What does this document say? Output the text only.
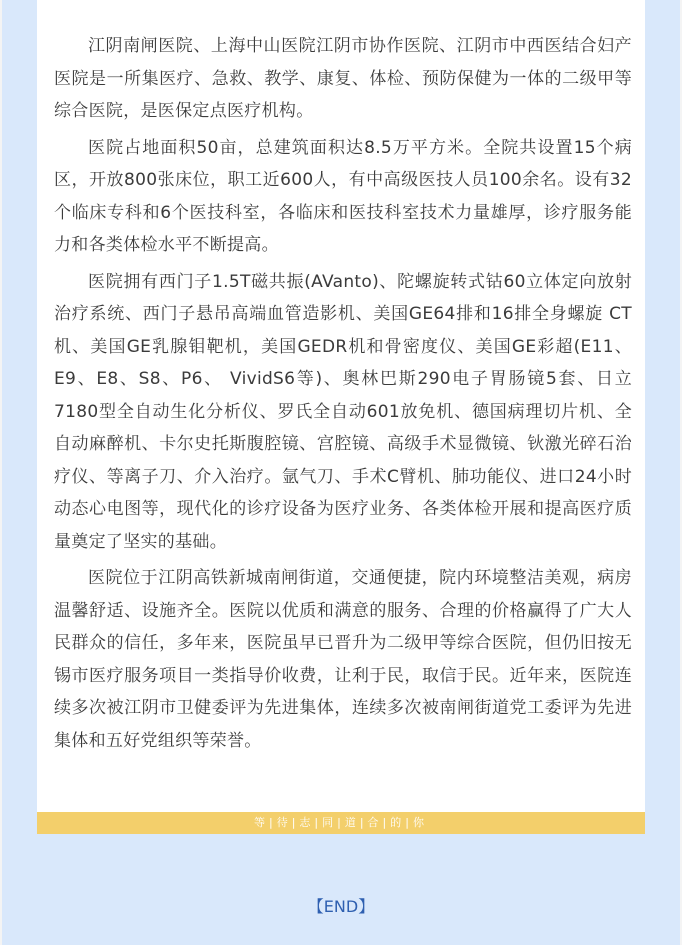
江阴南闸医院、上海中山医院江阴市协作医院、江阴市中西医结合妇产医院是一所集医疗、急救、教学、康复、体检、预防保健为一体的二级甲等综合医院，是医保定点医疗机构。

医院占地面积50亩，总建筑面积达8.5万平方米。全院共设置15个病区，开放800张床位，职工近600人，有中高级医技人员100余名。设有32个临床专科和6个医技科室，各临床和医技科室技术力量雄厚，诊疗服务能力和各类体检水平不断提高。

医院拥有西门子1.5T磁共振(AVanto)、陀螺旋转式钴60立体定向放射治疗系统、西门子悬吊高端血管造影机、美国GE64排和16排全身螺旋 CT机、美国GE乳腺钼靶机，美国GEDR机和骨密度仪、美国GE彩超(E11、E9、E8、S8、P6、 VividS6等)、奥林巴斯290电子胃肠镜5套、日立7180型全自动生化分析仪、罗氏全自动601放免机、德国病理切片机、全自动麻醉机、卡尔史托斯腹腔镜、宫腔镜、高级手术显微镜、钬激光碎石治疗仪、等离子刀、介入治疗。氩气刀、手术C臂机、肺功能仪、进口24小时动态心电图等，现代化的诊疗设备为医疗业务、各类体检开展和提高医疗质量奠定了坚实的基础。

医院位于江阴高铁新城南闸街道，交通便捷，院内环境整洁美观，病房温馨舒适、设施齐全。医院以优质和满意的服务、合理的价格赢得了广大人民群众的信任，多年来，医院虽早已晋升为二级甲等综合医院，但仍旧按无锡市医疗服务项目一类指导价收费，让利于民，取信于民。近年来，医院连续多次被江阴市卫健委评为先进集体，连续多次被南闸街道党工委评为先进集体和五好党组织等荣誉。

等|待|志|同|道|合|的|你
【END】
